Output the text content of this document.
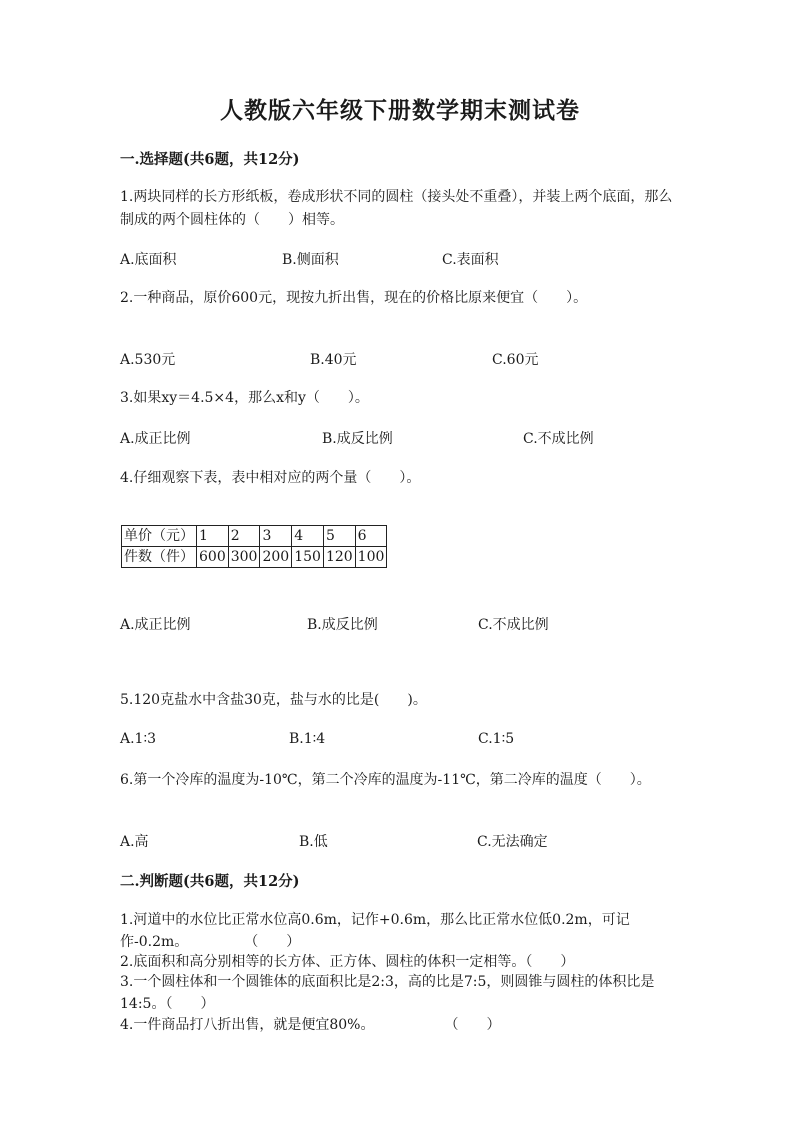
人教版六年级下册数学期末测试卷
一.选择题(共6题，共12分)
1.两块同样的长方形纸板，卷成形状不同的圆柱（接头处不重叠），并装上两个底面，那么制成的两个圆柱体的（　　）相等。
A.底面积	B.侧面积	C.表面积
2.一种商品，原价600元，现按九折出售，现在的价格比原来便宜（　　）。
A.530元	B.40元	C.60元
3.如果xy＝4.5×4，那么x和y（　　）。
A.成正比例	B.成反比例	C.不成比例
4.仔细观察下表，表中相对应的两个量（　　）。
单价（元）	1	2	3	4	5	6
件数（件）	600	300	200	150	120	100
A.成正比例	B.成反比例	C.不成比例
5.120克盐水中含盐30克，盐与水的比是(　　)。
A.1∶3	B.1∶4	C.1∶5
6.第一个冷库的温度为-10℃，第二个冷库的温度为-11℃，第二冷库的温度（　　）。
A.高	B.低	C.无法确定
二.判断题(共6题，共12分)
1.河道中的水位比正常水位高0.6m，记作+0.6m，那么比正常水位低0.2m，可记作-0.2m。　　　　　（　　）
2.底面积和高分别相等的长方体、正方体、圆柱的体积一定相等。（　　）
3.一个圆柱体和一个圆锥体的底面积比是2:3，高的比是7:5，则圆锥与圆柱的体积比是14:5。（　　）
4.一件商品打八折出售，就是便宜80%。　　　　　　（　　）
